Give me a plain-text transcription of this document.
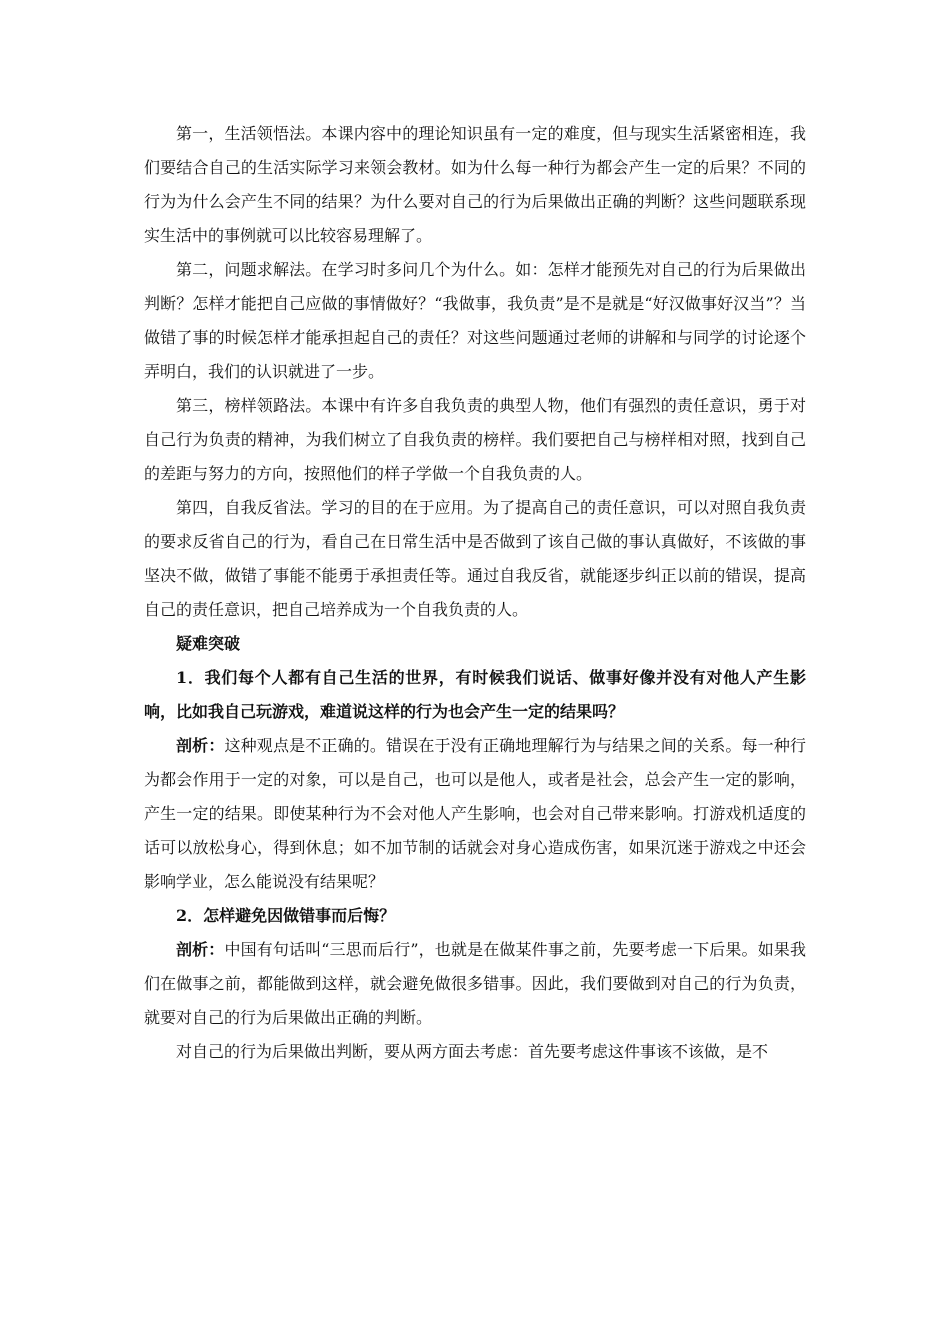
第一，生活领悟法。本课内容中的理论知识虽有一定的难度，但与现实生活紧密相连，我们要结合自己的生活实际学习来领会教材。如为什么每一种行为都会产生一定的后果？不同的行为为什么会产生不同的结果？为什么要对自己的行为后果做出正确的判断？这些问题联系现实生活中的事例就可以比较容易理解了。

第二，问题求解法。在学习时多问几个为什么。如：怎样才能预先对自己的行为后果做出判断？怎样才能把自己应做的事情做好？“我做事，我负责”是不是就是“好汉做事好汉当”？当做错了事的时候怎样才能承担起自己的责任？对这些问题通过老师的讲解和与同学的讨论逐个弄明白，我们的认识就进了一步。

第三，榜样领路法。本课中有许多自我负责的典型人物，他们有强烈的责任意识，勇于对自己行为负责的精神，为我们树立了自我负责的榜样。我们要把自己与榜样相对照，找到自己的差距与努力的方向，按照他们的样子学做一个自我负责的人。

第四，自我反省法。学习的目的在于应用。为了提高自己的责任意识，可以对照自我负责的要求反省自己的行为，看自己在日常生活中是否做到了该自己做的事认真做好，不该做的事坚决不做，做错了事能不能勇于承担责任等。通过自我反省，就能逐步纠正以前的错误，提高自己的责任意识，把自己培养成为一个自我负责的人。

疑难突破

1．我们每个人都有自己生活的世界，有时候我们说话、做事好像并没有对他人产生影响，比如我自己玩游戏，难道说这样的行为也会产生一定的结果吗？

剖析：这种观点是不正确的。错误在于没有正确地理解行为与结果之间的关系。每一种行为都会作用于一定的对象，可以是自己，也可以是他人，或者是社会，总会产生一定的影响，产生一定的结果。即使某种行为不会对他人产生影响，也会对自己带来影响。打游戏机适度的话可以放松身心，得到休息；如不加节制的话就会对身心造成伤害，如果沉迷于游戏之中还会影响学业，怎么能说没有结果呢？

2．怎样避免因做错事而后悔？

剖析：中国有句话叫“三思而后行”，也就是在做某件事之前，先要考虑一下后果。如果我们在做事之前，都能做到这样，就会避免做很多错事。因此，我们要做到对自己的行为负责，就要对自己的行为后果做出正确的判断。

对自己的行为后果做出判断，要从两方面去考虑：首先要考虑这件事该不该做，是不
